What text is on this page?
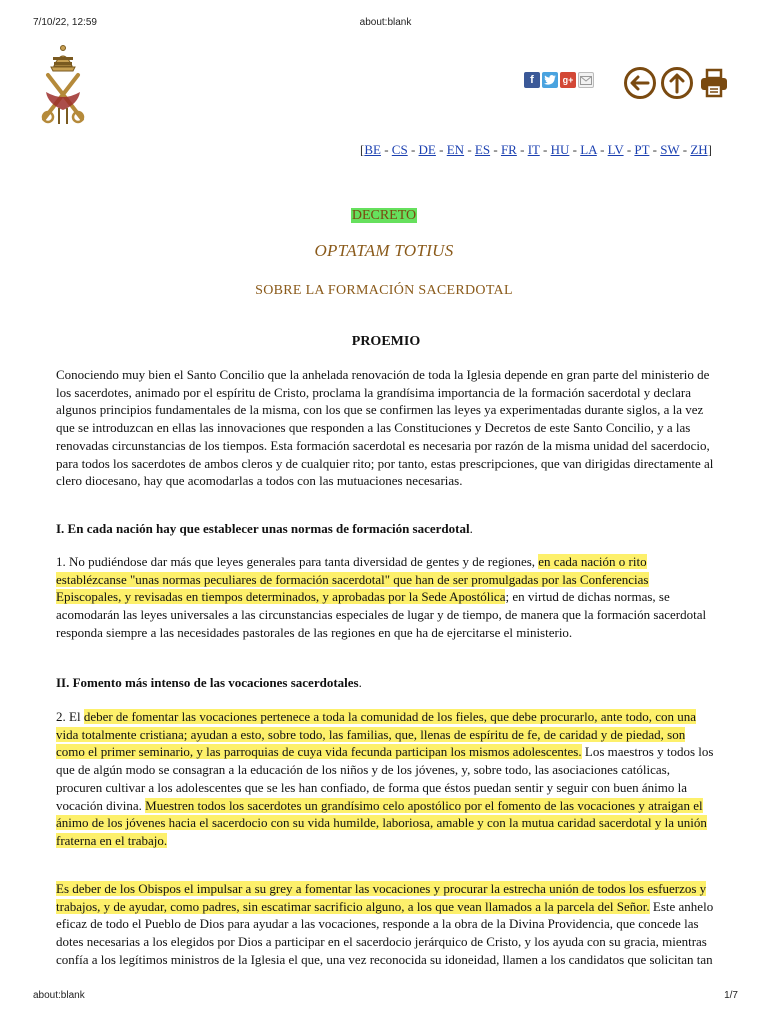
7/10/22, 12:59	about:blank
f	g+
[BE - CS - DE - EN - ES - FR - IT - HU - LA - LV - PT - SW - ZH]
DECRETO
OPTATAM TOTIUS
SOBRE LA FORMACIÓN SACERDOTAL
PROEMIO

Conociendo muy bien el Santo Concilio que la anhelada renovación de toda la Iglesia depende en gran parte del ministerio de los sacerdotes, animado por el espíritu de Cristo, proclama la grandísima importancia de la formación sacerdotal y declara algunos principios fundamentales de la misma, con los que se confirmen las leyes ya experimentadas durante siglos, a la vez que se introduzcan en ellas las innovaciones que responden a las Constituciones y Decretos de este Santo Concilio, y a las renovadas circunstancias de los tiempos. Esta formación sacerdotal es necesaria por razón de la misma unidad del sacerdocio, para todos los sacerdotes de ambos cleros y de cualquier rito; por tanto, estas prescripciones, que van dirigidas directamente al clero diocesano, hay que acomodarlas a todos con las mutuaciones necesarias.

I. En cada nación hay que establecer unas normas de formación sacerdotal.

1. No pudiéndose dar más que leyes generales para tanta diversidad de gentes y de regiones, en cada nación o rito establézcanse "unas normas peculiares de formación sacerdotal" que han de ser promulgadas por las Conferencias Episcopales, y revisadas en tiempos determinados, y aprobadas por la Sede Apostólica; en virtud de dichas normas, se acomodarán las leyes universales a las circunstancias especiales de lugar y de tiempo, de manera que la formación sacerdotal responda siempre a las necesidades pastorales de las regiones en que ha de ejercitarse el ministerio.

II. Fomento más intenso de las vocaciones sacerdotales.

2. El deber de fomentar las vocaciones pertenece a toda la comunidad de los fieles, que debe procurarlo, ante todo, con una vida totalmente cristiana; ayudan a esto, sobre todo, las familias, que, llenas de espíritu de fe, de caridad y de piedad, son como el primer seminario, y las parroquias de cuya vida fecunda participan los mismos adolescentes. Los maestros y todos los que de algún modo se consagran a la educación de los niños y de los jóvenes, y, sobre todo, las asociaciones católicas, procuren cultivar a los adolescentes que se les han confiado, de forma que éstos puedan sentir y seguir con buen ánimo la vocación divina. Muestren todos los sacerdotes un grandísimo celo apostólico por el fomento de las vocaciones y atraigan el ánimo de los jóvenes hacia el sacerdocio con su vida humilde, laboriosa, amable y con la mutua caridad sacerdotal y la unión fraterna en el trabajo.

Es deber de los Obispos el impulsar a su grey a fomentar las vocaciones y procurar la estrecha unión de todos los esfuerzos y trabajos, y de ayudar, como padres, sin escatimar sacrificio alguno, a los que vean llamados a la parcela del Señor. Este anhelo eficaz de todo el Pueblo de Dios para ayudar a las vocaciones, responde a la obra de la Divina Providencia, que concede las dotes necesarias a los elegidos por Dios a participar en el sacerdocio jerárquico de Cristo, y los ayuda con su gracia, mientras confía a los legítimos ministros de la Iglesia el que, una vez reconocida su idoneidad, llamen a los candidatos que solicitan tan

about:blank	1/7
